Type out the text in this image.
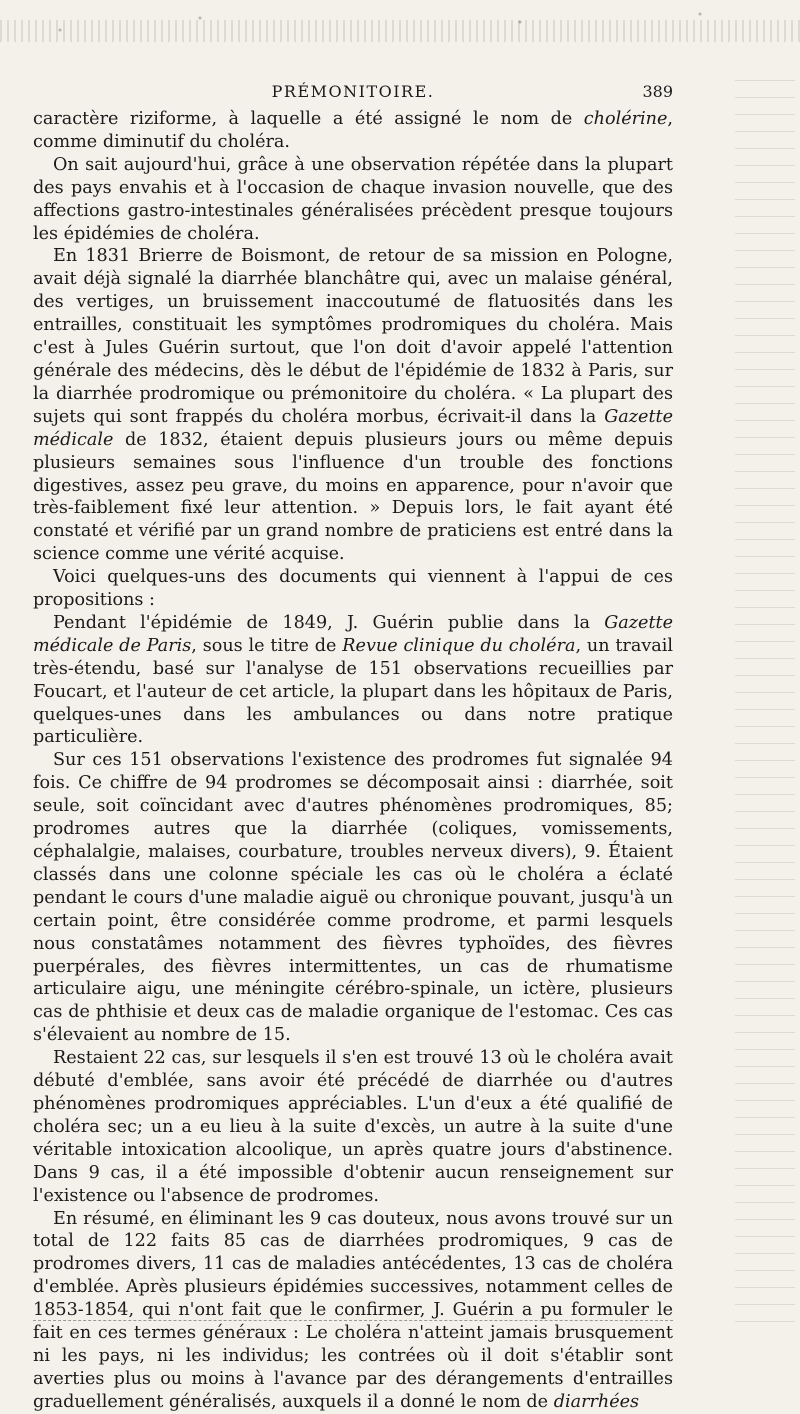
PRÉMONITOIRE.	389

caractère riziforme, à laquelle a été assigné le nom de cholérine, comme diminutif du choléra.

On sait aujourd'hui, grâce à une observation répétée dans la plupart des pays envahis et à l'occasion de chaque invasion nouvelle, que des affections gastro-intestinales généralisées précèdent presque toujours les épidémies de choléra.

En 1831 Brierre de Boismont, de retour de sa mission en Pologne, avait déjà signalé la diarrhée blanchâtre qui, avec un malaise général, des vertiges, un bruissement inaccoutumé de flatuosités dans les entrailles, constituait les symptômes prodromiques du choléra. Mais c'est à Jules Guérin surtout, que l'on doit d'avoir appelé l'attention générale des médecins, dès le début de l'épidémie de 1832 à Paris, sur la diarrhée prodromique ou prémonitoire du choléra. « La plupart des sujets qui sont frappés du choléra morbus, écrivait-il dans la Gazette médicale de 1832, étaient depuis plusieurs jours ou même depuis plusieurs semaines sous l'influence d'un trouble des fonctions digestives, assez peu grave, du moins en apparence, pour n'avoir que très-faiblement fixé leur attention. » Depuis lors, le fait ayant été constaté et vérifié par un grand nombre de praticiens est entré dans la science comme une vérité acquise.

Voici quelques-uns des documents qui viennent à l'appui de ces propositions :

Pendant l'épidémie de 1849, J. Guérin publie dans la Gazette médicale de Paris, sous le titre de Revue clinique du choléra, un travail très-étendu, basé sur l'analyse de 151 observations recueillies par Foucart, et l'auteur de cet article, la plupart dans les hôpitaux de Paris, quelques-unes dans les ambulances ou dans notre pratique particulière.

Sur ces 151 observations l'existence des prodromes fut signalée 94 fois. Ce chiffre de 94 prodromes se décomposait ainsi : diarrhée, soit seule, soit coïncidant avec d'autres phénomènes prodromiques, 85; prodromes autres que la diarrhée (coliques, vomissements, céphalalgie, malaises, courbature, troubles nerveux divers), 9. Étaient classés dans une colonne spéciale les cas où le choléra a éclaté pendant le cours d'une maladie aiguë ou chronique pouvant, jusqu'à un certain point, être considérée comme prodrome, et parmi lesquels nous constatâmes notamment des fièvres typhoïdes, des fièvres puerpérales, des fièvres intermittentes, un cas de rhumatisme articulaire aigu, une méningite cérébro-spinale, un ictère, plusieurs cas de phthisie et deux cas de maladie organique de l'estomac. Ces cas s'élevaient au nombre de 15.

Restaient 22 cas, sur lesquels il s'en est trouvé 13 où le choléra avait débuté d'emblée, sans avoir été précédé de diarrhée ou d'autres phénomènes prodromiques appréciables. L'un d'eux a été qualifié de choléra sec; un a eu lieu à la suite d'excès, un autre à la suite d'une véritable intoxication alcoolique, un après quatre jours d'abstinence. Dans 9 cas, il a été impossible d'obtenir aucun renseignement sur l'existence ou l'absence de prodromes.

En résumé, en éliminant les 9 cas douteux, nous avons trouvé sur un total de 122 faits 85 cas de diarrhées prodromiques, 9 cas de prodromes divers, 11 cas de maladies antécédentes, 13 cas de choléra d'emblée. Après plusieurs épidémies successives, notamment celles de 1853-1854, qui n'ont fait que le confirmer, J. Guérin a pu formuler le fait en ces termes généraux : Le choléra n'atteint jamais brusquement ni les pays, ni les individus; les contrées où il doit s'établir sont averties plus ou moins à l'avance par des dérangements d'entrailles graduellement généralisés, auxquels il a donné le nom de diarrhées
